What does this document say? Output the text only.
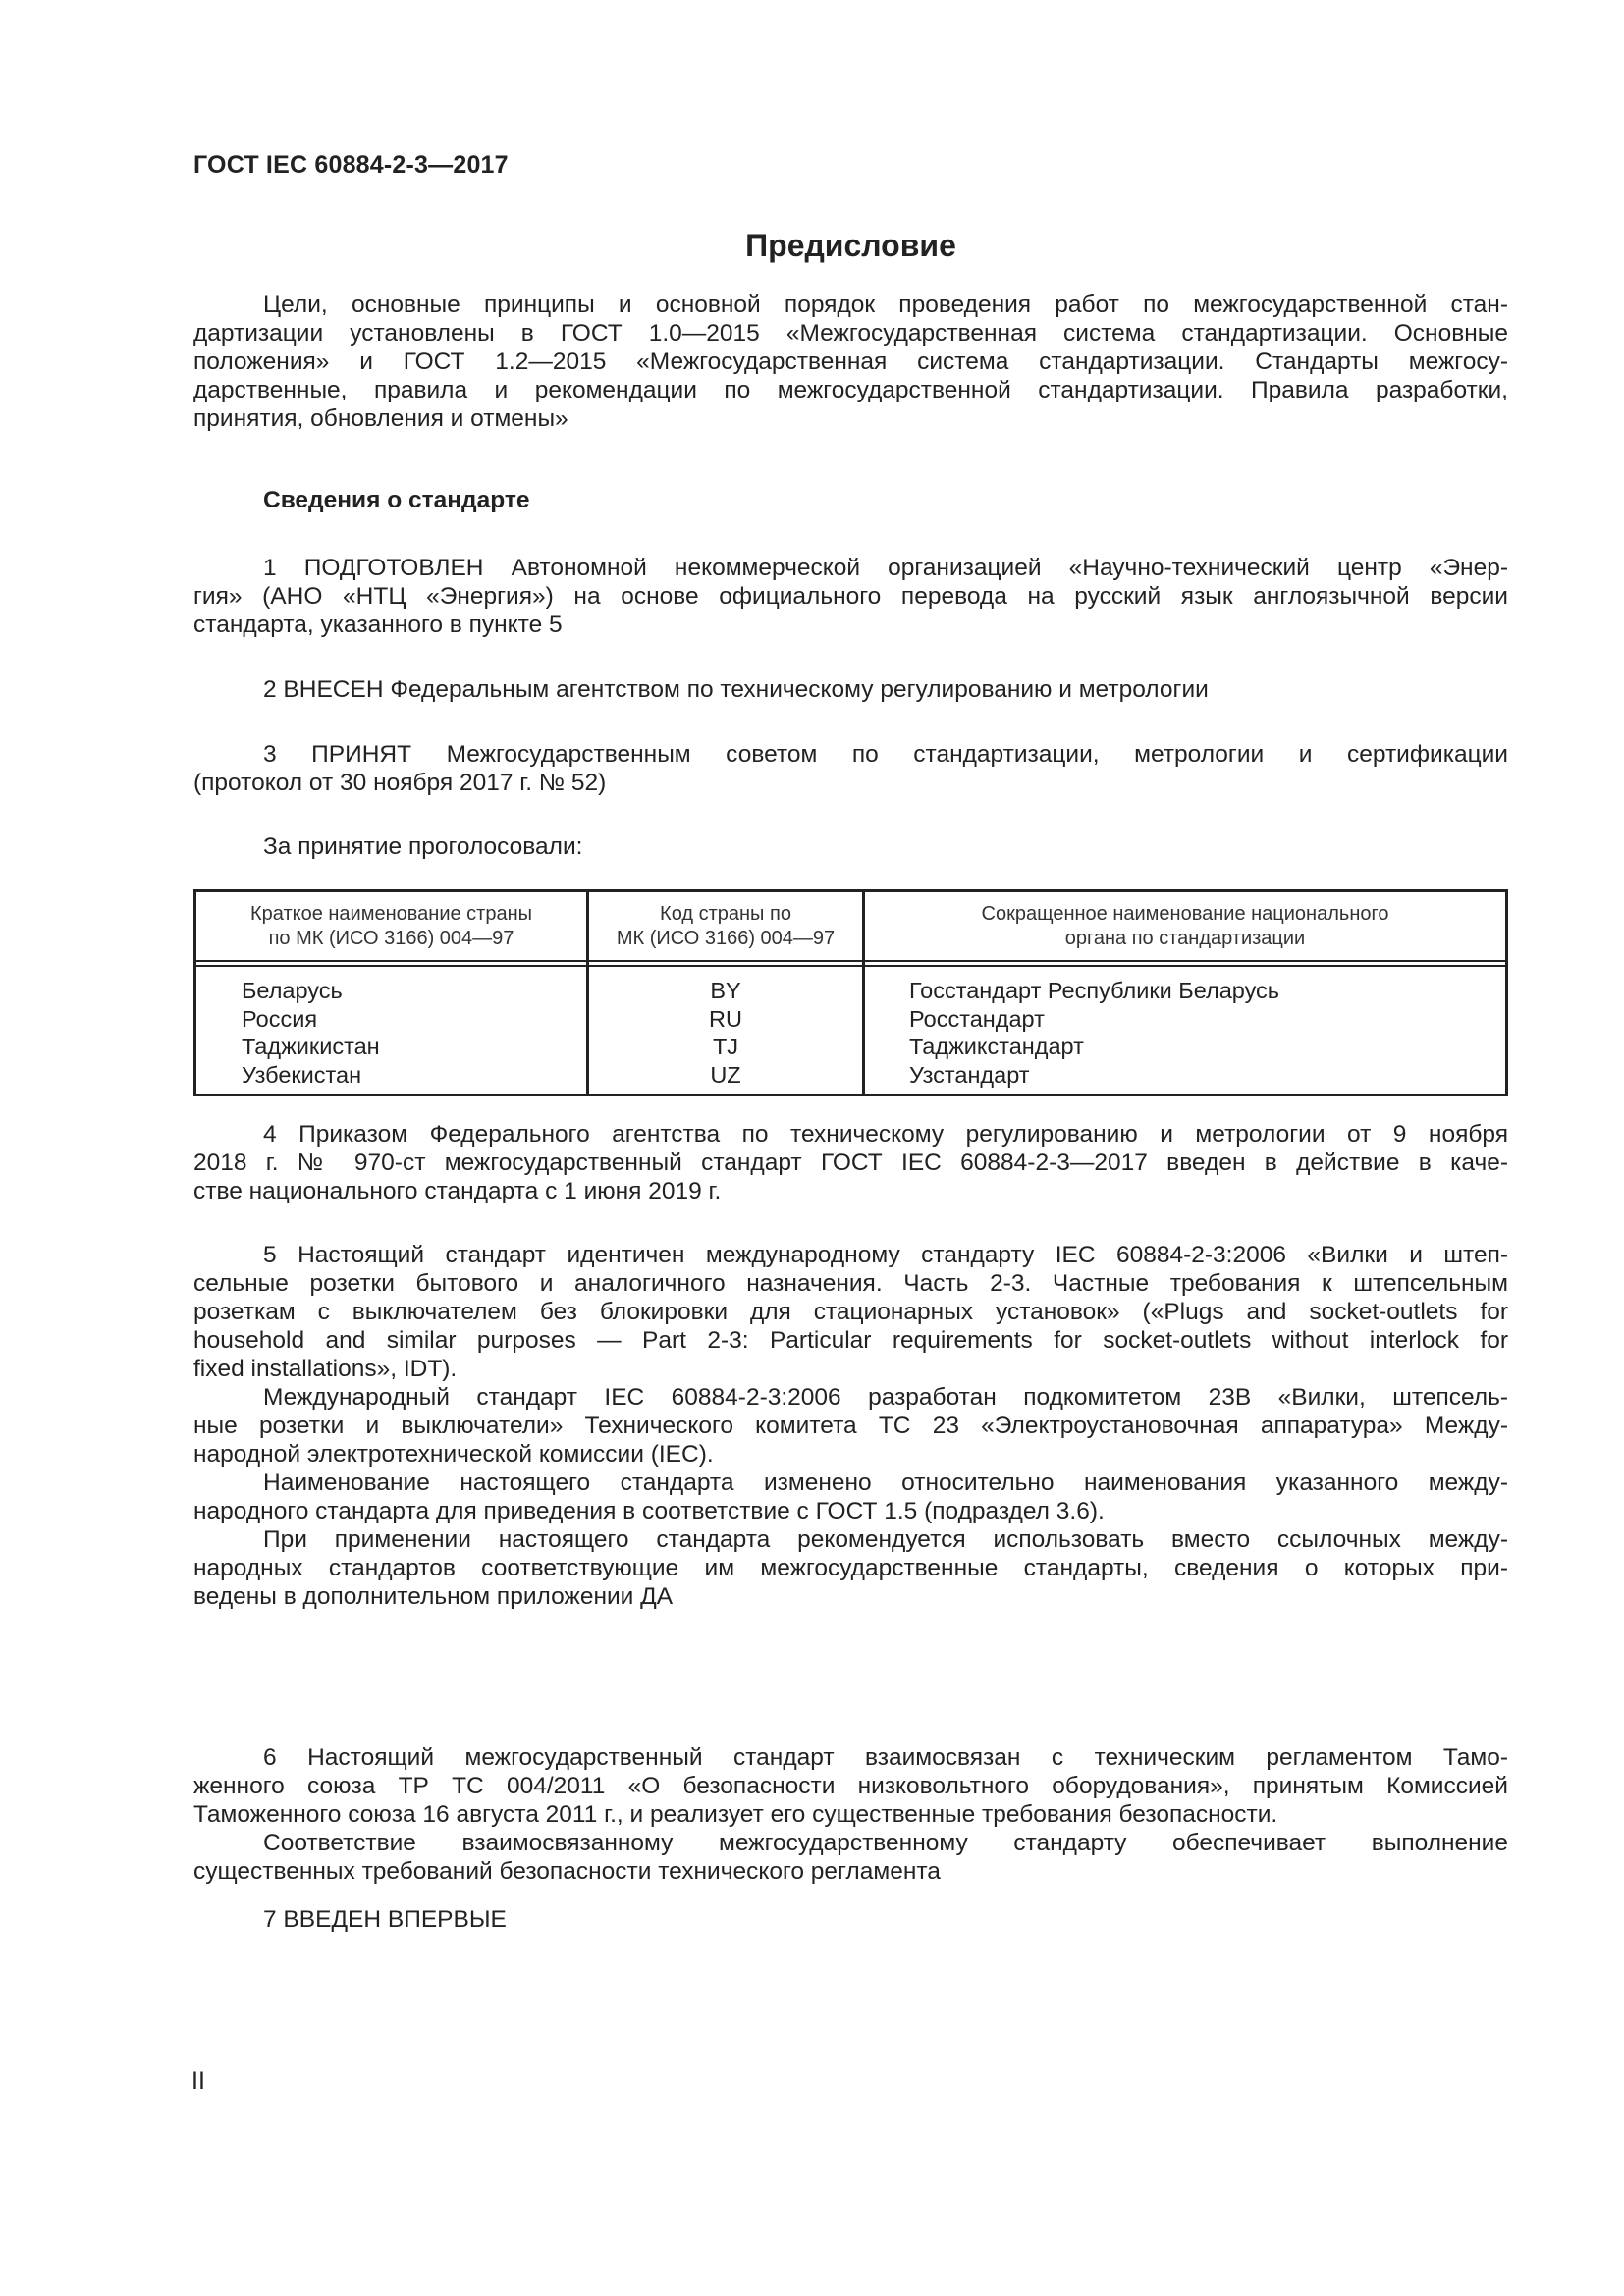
ГОСТ IEC 60884-2-3—2017
Предисловие
Цели, основные принципы и основной порядок проведения работ по межгосударственной стан-
дартизации установлены в ГОСТ 1.0—2015 «Межгосударственная система стандартизации. Основные
положения» и ГОСТ 1.2—2015 «Межгосударственная система стандартизации. Стандарты межгосу-
дарственные, правила и рекомендации по межгосударственной стандартизации. Правила разработки,
принятия, обновления и отмены»
Сведения о стандарте
1 ПОДГОТОВЛЕН Автономной некоммерческой организацией «Научно-технический центр «Энер-
гия» (АНО «НТЦ «Энергия») на основе официального перевода на русский язык англоязычной версии
стандарта, указанного в пункте 5
2 ВНЕСЕН Федеральным агентством по техническому регулированию и метрологии
3 ПРИНЯТ Межгосударственным советом по стандартизации, метрологии и сертификации
(протокол от 30 ноября 2017 г. № 52)
За принятие проголосовали:
Краткое наименование страны
по МК (ИСО 3166) 004—97
Код страны по
МК (ИСО 3166) 004—97
Сокращенное наименование национального
органа по стандартизации
Беларусь
Россия
Таджикистан
Узбекистан
BY
RU
TJ
UZ
Госстандарт Республики Беларусь
Росстандарт
Таджикстандарт
Узстандарт
4 Приказом Федерального агентства по техническому регулированию и метрологии от 9 ноября
2018 г. № 970-ст межгосударственный стандарт ГОСТ IEC 60884-2-3—2017 введен в действие в каче-
стве национального стандарта с 1 июня 2019 г.
5 Настоящий стандарт идентичен международному стандарту IEC 60884-2-3:2006 «Вилки и штеп-
сельные розетки бытового и аналогичного назначения. Часть 2-3. Частные требования к штепсельным
розеткам с выключателем без блокировки для стационарных установок» («Plugs and socket-outlets for
household and similar purposes — Part 2-3: Particular requirements for socket-outlets without interlock for
fixed installations», IDT).
Международный стандарт IEC 60884-2-3:2006 разработан подкомитетом 23B «Вилки, штепсель-
ные розетки и выключатели» Технического комитета TC 23 «Электроустановочная аппаратура» Между-
народной электротехнической комиссии (IEC).
Наименование настоящего стандарта изменено относительно наименования указанного между-
народного стандарта для приведения в соответствие с ГОСТ 1.5 (подраздел 3.6).
При применении настоящего стандарта рекомендуется использовать вместо ссылочных между-
народных стандартов соответствующие им межгосударственные стандарты, сведения о которых при-
ведены в дополнительном приложении ДА
6 Настоящий межгосударственный стандарт взаимосвязан с техническим регламентом Тамо-
женного союза ТР ТС 004/2011 «О безопасности низковольтного оборудования», принятым Комиссией
Таможенного союза 16 августа 2011 г., и реализует его существенные требования безопасности.
Соответствие взаимосвязанному межгосударственному стандарту обеспечивает выполнение
существенных требований безопасности технического регламента
7 ВВЕДЕН ВПЕРВЫЕ
II
